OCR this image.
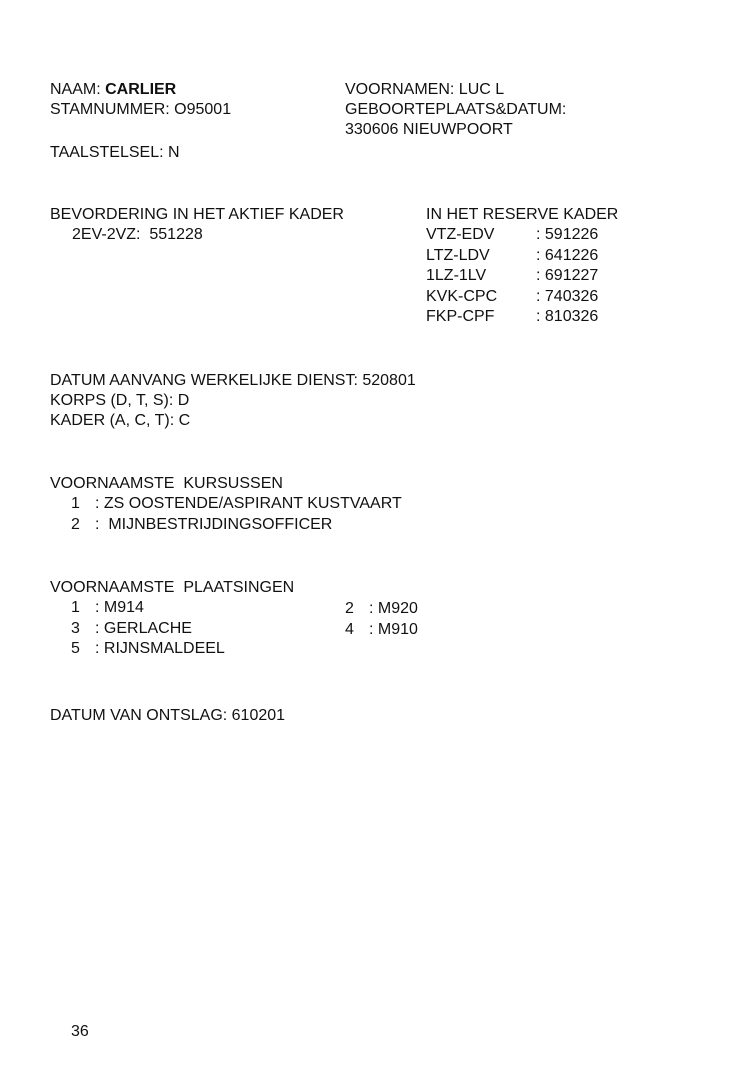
NAAM:
CARLIER
STAMNUMMER:
O95001
VOORNAMEN:
LUC L
GEBOORTEPLAATS&DATUM:
330606 NIEUWPOORT
TAALSTELSEL: N
BEVORDERING IN HET AKTIEF KADER
2EV-2VZ:
551228
IN HET RESERVE KADER
VTZ-EDV	: 591226
LTZ-LDV	: 641226
1LZ-1LV	: 691227
KVK-CPC	: 740326
FKP-CPF	: 810326
DATUM AANVANG WERKELIJKE DIENST:
520801
KORPS (D, T, S):
D
KADER (A, C, T):
C
VOORNAAMSTE  KURSUSSEN
1 : ZS OOSTENDE/ASPIRANT KUSTVAART
2 :  MIJNBESTRIJDINGSOFFICER
VOORNAAMSTE  PLAATSINGEN
1 : M914
3 : GERLACHE
5 : RIJNSMALDEEL
2 : M920
4 : M910
DATUM VAN ONTSLAG: 610201
36
